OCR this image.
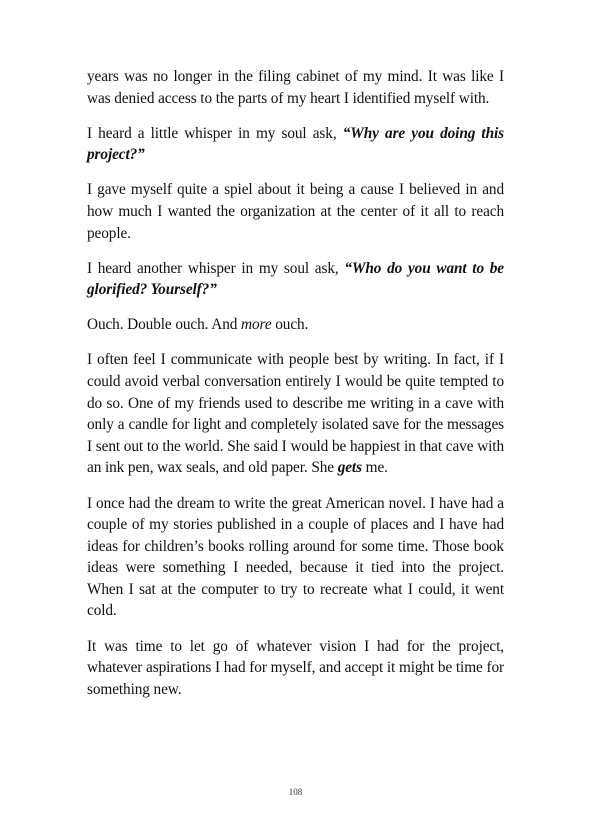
years was no longer in the filing cabinet of my mind. It was like I was denied access to the parts of my heart I identified myself with.

I heard a little whisper in my soul ask, “Why are you doing this project?”

I gave myself quite a spiel about it being a cause I believed in and how much I wanted the organization at the center of it all to reach people.

I heard another whisper in my soul ask, “Who do you want to be glorified? Yourself?”

Ouch. Double ouch. And more ouch.

I often feel I communicate with people best by writing. In fact, if I could avoid verbal conversation entirely I would be quite tempted to do so. One of my friends used to describe me writing in a cave with only a candle for light and completely isolated save for the messages I sent out to the world. She said I would be happiest in that cave with an ink pen, wax seals, and old paper. She gets me.

I once had the dream to write the great American novel. I have had a couple of my stories published in a couple of places and I have had ideas for children’s books rolling around for some time. Those book ideas were something I needed, because it tied into the project. When I sat at the computer to try to recreate what I could, it went cold.

It was time to let go of whatever vision I had for the project, whatever aspirations I had for myself, and accept it might be time for something new.

108
